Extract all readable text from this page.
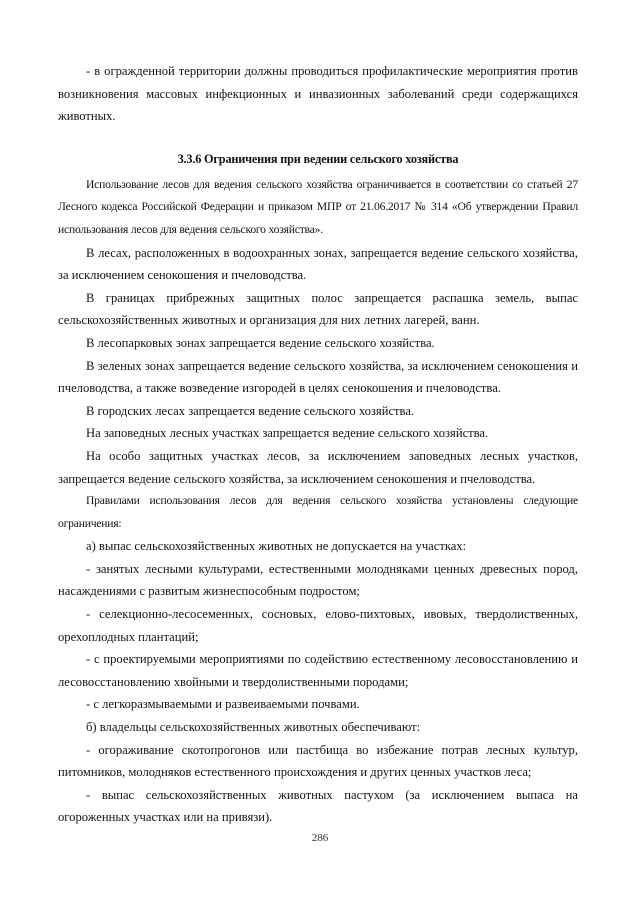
- в огражденной территории должны проводиться профилактические мероприятия против возникновения массовых инфекционных и инвазионных заболеваний среди содержащихся животных.

3.3.6 Ограничения при ведении сельского хозяйства

Использование лесов для ведения сельского хозяйства ограничивается в соответствии со статьей 27 Лесного кодекса Российской Федерации и приказом МПР от 21.06.2017 № 314 «Об утверждении Правил использования лесов для ведения сельского хозяйства».

В лесах, расположенных в водоохранных зонах, запрещается ведение сельского хозяйства, за исключением сенокошения и пчеловодства.

В границах прибрежных защитных полос запрещается распашка земель, выпас сельскохозяйственных животных и организация для них летних лагерей, ванн.

В лесопарковых зонах запрещается ведение сельского хозяйства.

В зеленых зонах запрещается ведение сельского хозяйства, за исключением сенокошения и пчеловодства, а также возведение изгородей в целях сенокошения и пчеловодства.

В городских лесах запрещается ведение сельского хозяйства.

На заповедных лесных участках запрещается ведение сельского хозяйства.

На особо защитных участках лесов, за исключением заповедных лесных участков, запрещается ведение сельского хозяйства, за исключением сенокошения и пчеловодства.

Правилами использования лесов для ведения сельского хозяйства установлены следующие ограничения:

а) выпас сельскохозяйственных животных не допускается на участках:

- занятых лесными культурами, естественными молодняками ценных древесных пород, насаждениями с развитым жизнеспособным подростом;

- селекционно-лесосеменных, сосновых, елово-пихтовых, ивовых, твердолиственных, орехоплодных плантаций;

- с проектируемыми мероприятиями по содействию естественному лесовосстановлению и лесовосстановлению хвойными и твердолиственными породами;

- с легкоразмываемыми и развеиваемыми почвами.

б) владельцы сельскохозяйственных животных обеспечивают:

- огораживание скотопрогонов или пастбища во избежание потрав лесных культур, питомников, молодняков естественного происхождения и других ценных участков леса;

- выпас сельскохозяйственных животных пастухом (за исключением выпаса на огороженных участках или на привязи).

286
